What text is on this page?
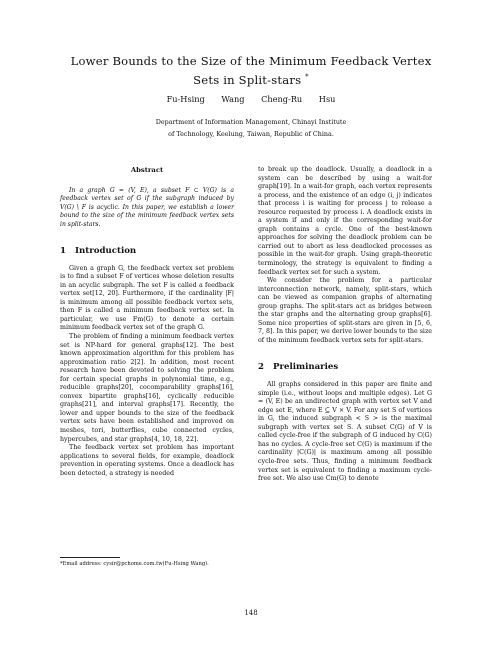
Lower Bounds to the Size of the Minimum Feedback Vertex
Sets in Split-stars *
Fu-Hsing Wang Cheng-Ru Hsu
Department of Information Management, Chinayi Institute
of Technology, Keelung, Taiwan, Republic of China.
Abstract

In a graph G = (V, E), a subset F ⊂ V(G) is a feedback vertex set of G if the subgraph induced by V(G) \ F is acyclic. In this paper, we establish a lower bound to the size of the minimum feedback vertex sets in split-stars.

1 Introduction

Given a graph G, the feedback vertex set problem is to find a subset F of vertices whose deletion results in an acyclic subgraph. The set F is called a feedback vertex set[12, 20]. Furthermore, if the cardinality |F| is minimum among all possible feedback vertex sets, then F is called a minimum feedback vertex set. In particular, we use Fm(G) to denote a certain minimum feedback vertex set of the graph G.

The problem of finding a minimum feedback vertex set is NP-hard for general graphs[12]. The best known approximation algorithm for this problem has approximation ratio 2[2]. In addition, most recent research have been devoted to solving the problem for certain special graphs in polynomial time, e.g., reducible graphs[20], cocomparability graphs[16], convex bipartite graphs[16], cyclically reducible graphs[21], and interval graphs[17]. Recently, the lower and upper bounds to the size of the feedback vertex sets have been established and improved on meshes, tori, butterflies, cube connected cycles, hypercubes, and star graphs[4, 10, 18, 22].

The feedback vertex set problem has important applications to several fields, for example, deadlock prevention in operating systems. Once a deadlock has been detected, a strategy is needed

to break up the deadlock. Usually, a deadlock in a system can be described by using a wait-for graph[19]. In a wait-for graph, each vertex represents a process, and the existence of an edge (i, j) indicates that process i is waiting for process j to release a resource requested by process i. A deadlock exists in a system if and only if the corresponding wait-for graph contains a cycle. One of the best-known approaches for solving the deadlock problem can be carried out to abort as less deadlocked processes as possible in the wait-for graph. Using graph-theoretic terminology, the strategy is equivalent to finding a feedback vertex set for such a system.

We consider the problem for a particular interconnection network, namely, split-stars, which can be viewed as companion graphs of alternating group graphs. The split-stars act as bridges between the star graphs and the alternating group graphs[6]. Some nice properties of split-stars are given in [5, 6, 7, 8]. In this paper, we derive lower bounds to the size of the minimum feedback vertex sets for split-stars.

2 Preliminaries

All graphs considered in this paper are finite and simple (i.e., without loops and multiple edges). Let G = (V, E) be an undirected graph with vertex set V and edge set E, where E ⊆ V × V. For any set S of vertices in G, the induced subgraph < S > is the maximal subgraph with vertex set S. A subset C(G) of V is called cycle-free if the subgraph of G induced by C(G) has no cycles. A cycle-free set C(G) is maximum if the cardinality |C(G)| is maximum among all possible cycle-free sets. Thus, finding a minimum feedback vertex set is equivalent to finding a maximum cycle-free set. We also use Cm(G) to denote

*Email address: cysir@pchome.com.tw(Fu-Hsing Wang).
148
